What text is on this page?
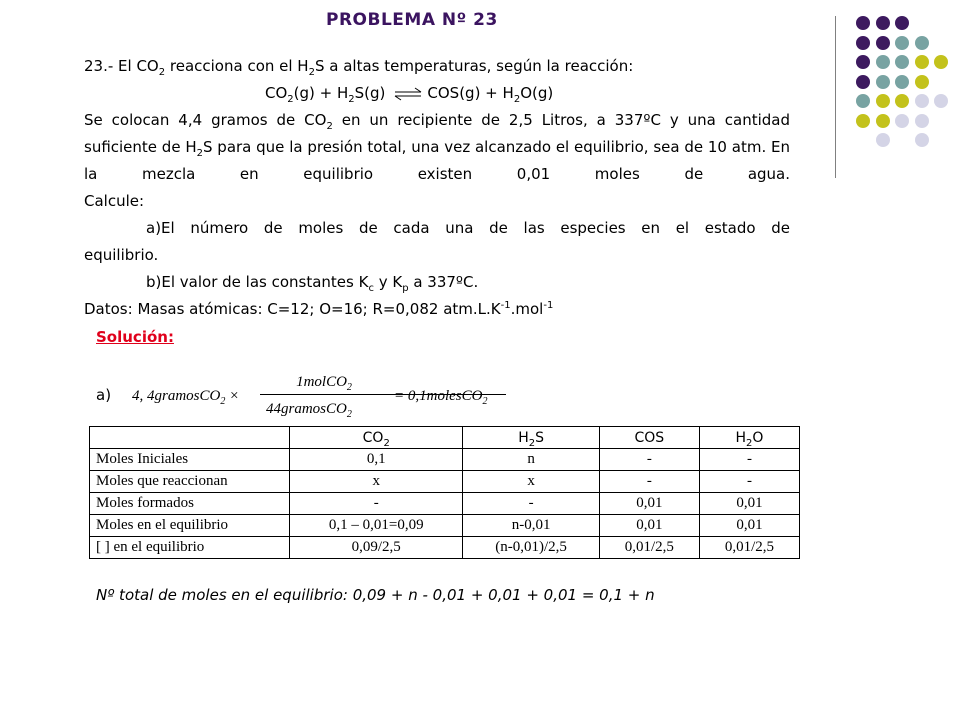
PROBLEMA Nº 23
23.- El $CO_2$ reacciona con el $H_2S$ a altas temperaturas, según la reacción:
$CO_2(g) + H_2S(g)$ ⇌ $COS(g) + H_2O(g)$
Se colocan 4,4 gramos de $CO_2$ en un recipiente de 2,5 Litros, a 337ºC y una cantidad suficiente de $H_2S$ para que la presión total, una vez alcanzado el equilibrio, sea de 10 atm. En la mezcla en equilibrio existen 0,01 moles de agua.
Calcule:
a)El número de moles de cada una de las especies en el estado de
equilibrio.
b)El valor de las constantes $K_c$ y $K_p$ a 337ºC.
Datos: Masas atómicas: C=12; O=16; R=0,082 $atm.L.K^{-1}.mol^{-1}$
Solución:
a) 4, 4gramosCO$_2$ ×
1molCO$_2$
44gramosCO$_2$
= 0,1molesCO$_2$
	$CO_2$	$H_2S$	COS	$H_2O$
Moles Iniciales	0,1	n	-	-
Moles que reaccionan	x	x	-	-
Moles formados	-	-	0,01	0,01
Moles en el equilibrio	0,1 – 0,01=0,09	n-0,01	0,01	0,01
[ ] en el equilibrio	0,09/2,5	(n-0,01)/2,5	0,01/2,5	0,01/2,5
Nº total de moles en el equilibrio: 0,09 + n - 0,01 + 0,01 + 0,01 = 0,1 + n
